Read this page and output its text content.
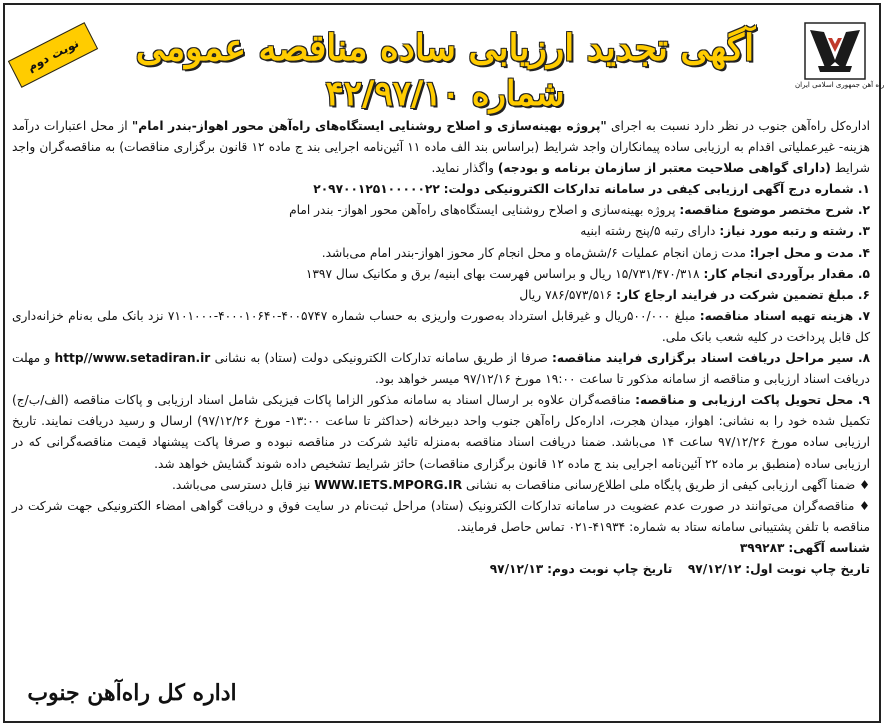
راه آهن جمهوری اسلامی ایران
نوبت دوم	آگهی تجدید ارزیابی ساده مناقصه عمومی
شماره ۴۲/۹۷/۱۰

اداره‌کل راه‌آهن جنوب در نظر دارد نسبت به اجرای "پروژه بهینه‌سازی و اصلاح روشنایی ایستگاه‌های راه‌آهن محور اهواز-بندر امام" از محل اعتبارات درآمد هزینه- غیرعملیاتی اقدام به ارزیابی ساده پیمانکاران واجد شرایط (براساس بند الف ماده ۱۱ آئین‌نامه اجرایی بند ج ماده ۱۲ قانون برگزاری مناقصات) به مناقصه‌گران واجد شرایط (دارای گواهی صلاحیت معتبر از سازمان برنامه و بودجه) واگذار نماید.

۱. شماره درج آگهی ارزیابی کیفی در سامانه تدارکات الکترونیکی دولت: ۲۰۹۷۰۰۱۲۵۱۰۰۰۰۰۲۲

۲. شرح مختصر موضوع مناقصه: پروژه بهینه‌سازی و اصلاح روشنایی ایستگاه‌های راه‌آهن محور اهواز- بندر امام

۳. رشته و رتبه مورد نیاز: دارای رتبه ۵/پنج رشته ابنیه

۴. مدت و محل اجرا: مدت زمان انجام عملیات ۶/شش‌ماه و محل انجام کار محوز اهواز-بندر امام می‌باشد.

۵. مقدار برآوردی انجام کار: ۱۵/۷۳۱/۴۷۰/۳۱۸ ریال و براساس فهرست بهای ابنیه/ برق و مکانیک سال ۱۳۹۷

۶. مبلغ تضمین شرکت در فرایند ارجاع کار: ۷۸۶/۵۷۳/۵۱۶ ریال

۷. هزینه تهیه اسناد مناقصه: مبلغ ۵۰۰/۰۰۰ریال و غیرقابل استرداد به‌صورت واریزی به حساب شماره ۴۰۰۵۷۴۷-۴۰۰۰۱۰۶۴۰-۷۱۰۱۰۰۰ نزد بانک ملی به‌نام خزانه‌داری کل قابل پرداخت در کلیه شعب بانک ملی.

۸. سیر مراحل دریافت اسناد برگزاری فرایند مناقصه: صرفا از طریق سامانه تدارکات الکترونیکی دولت (ستاد) به نشانی http//www.setadiran.ir و مهلت دریافت اسناد ارزیابی و مناقصه از سامانه مذکور تا ساعت ۱۹:۰۰ مورخ ۹۷/۱۲/۱۶ میسر خواهد بود.

۹. محل تحویل پاکت ارزیابی و مناقصه: مناقصه‌گران علاوه بر ارسال اسناد به سامانه مذکور الزاما پاکات فیزیکی شامل اسناد ارزیابی و پاکات مناقصه (الف/ب/ج) تکمیل شده خود را به نشانی: اهواز، میدان هجرت، اداره‌کل راه‌آهن جنوب واحد دبیرخانه (حداکثر تا ساعت ۱۳:۰۰- مورخ ۹۷/۱۲/۲۶) ارسال و رسید دریافت نمایند. تاریخ ارزیابی ساده مورخ ۹۷/۱۲/۲۶ ساعت ۱۴ می‌باشد. ضمنا دریافت اسناد مناقصه به‌منزله تائید شرکت در مناقصه نبوده و صرفا پاکت پیشنهاد قیمت مناقصه‌گرانی که در ارزیابی ساده (منطبق بر ماده ۲۲ آئین‌نامه اجرایی بند ج ماده ۱۲ قانون برگزاری مناقصات) حائز شرایط تشخیص داده شوند گشایش خواهد شد.

♦ ضمنا آگهی ارزیابی کیفی از طریق پایگاه ملی اطلاع‌رسانی مناقصات به نشانی WWW.IETS.MPORG.IR نیز قابل دسترسی می‌باشد.

♦ مناقصه‌گران می‌توانند در صورت عدم عضویت در سامانه تدارکات الکترونیک (ستاد) مراحل ثبت‌نام در سایت فوق و دریافت گواهی امضاء الکترونیکی جهت شرکت در مناقصه با تلفن پشتیبانی سامانه ستاد به شماره: ۴۱۹۳۴-۰۲۱ تماس حاصل فرمایند.

شناسه آگهی: ۳۹۹۲۸۳

تاریخ چاپ نوبت اول: ۹۷/۱۲/۱۲    تاریخ چاپ نوبت دوم: ۹۷/۱۲/۱۳

اداره کل راه‌آهن جنوب
